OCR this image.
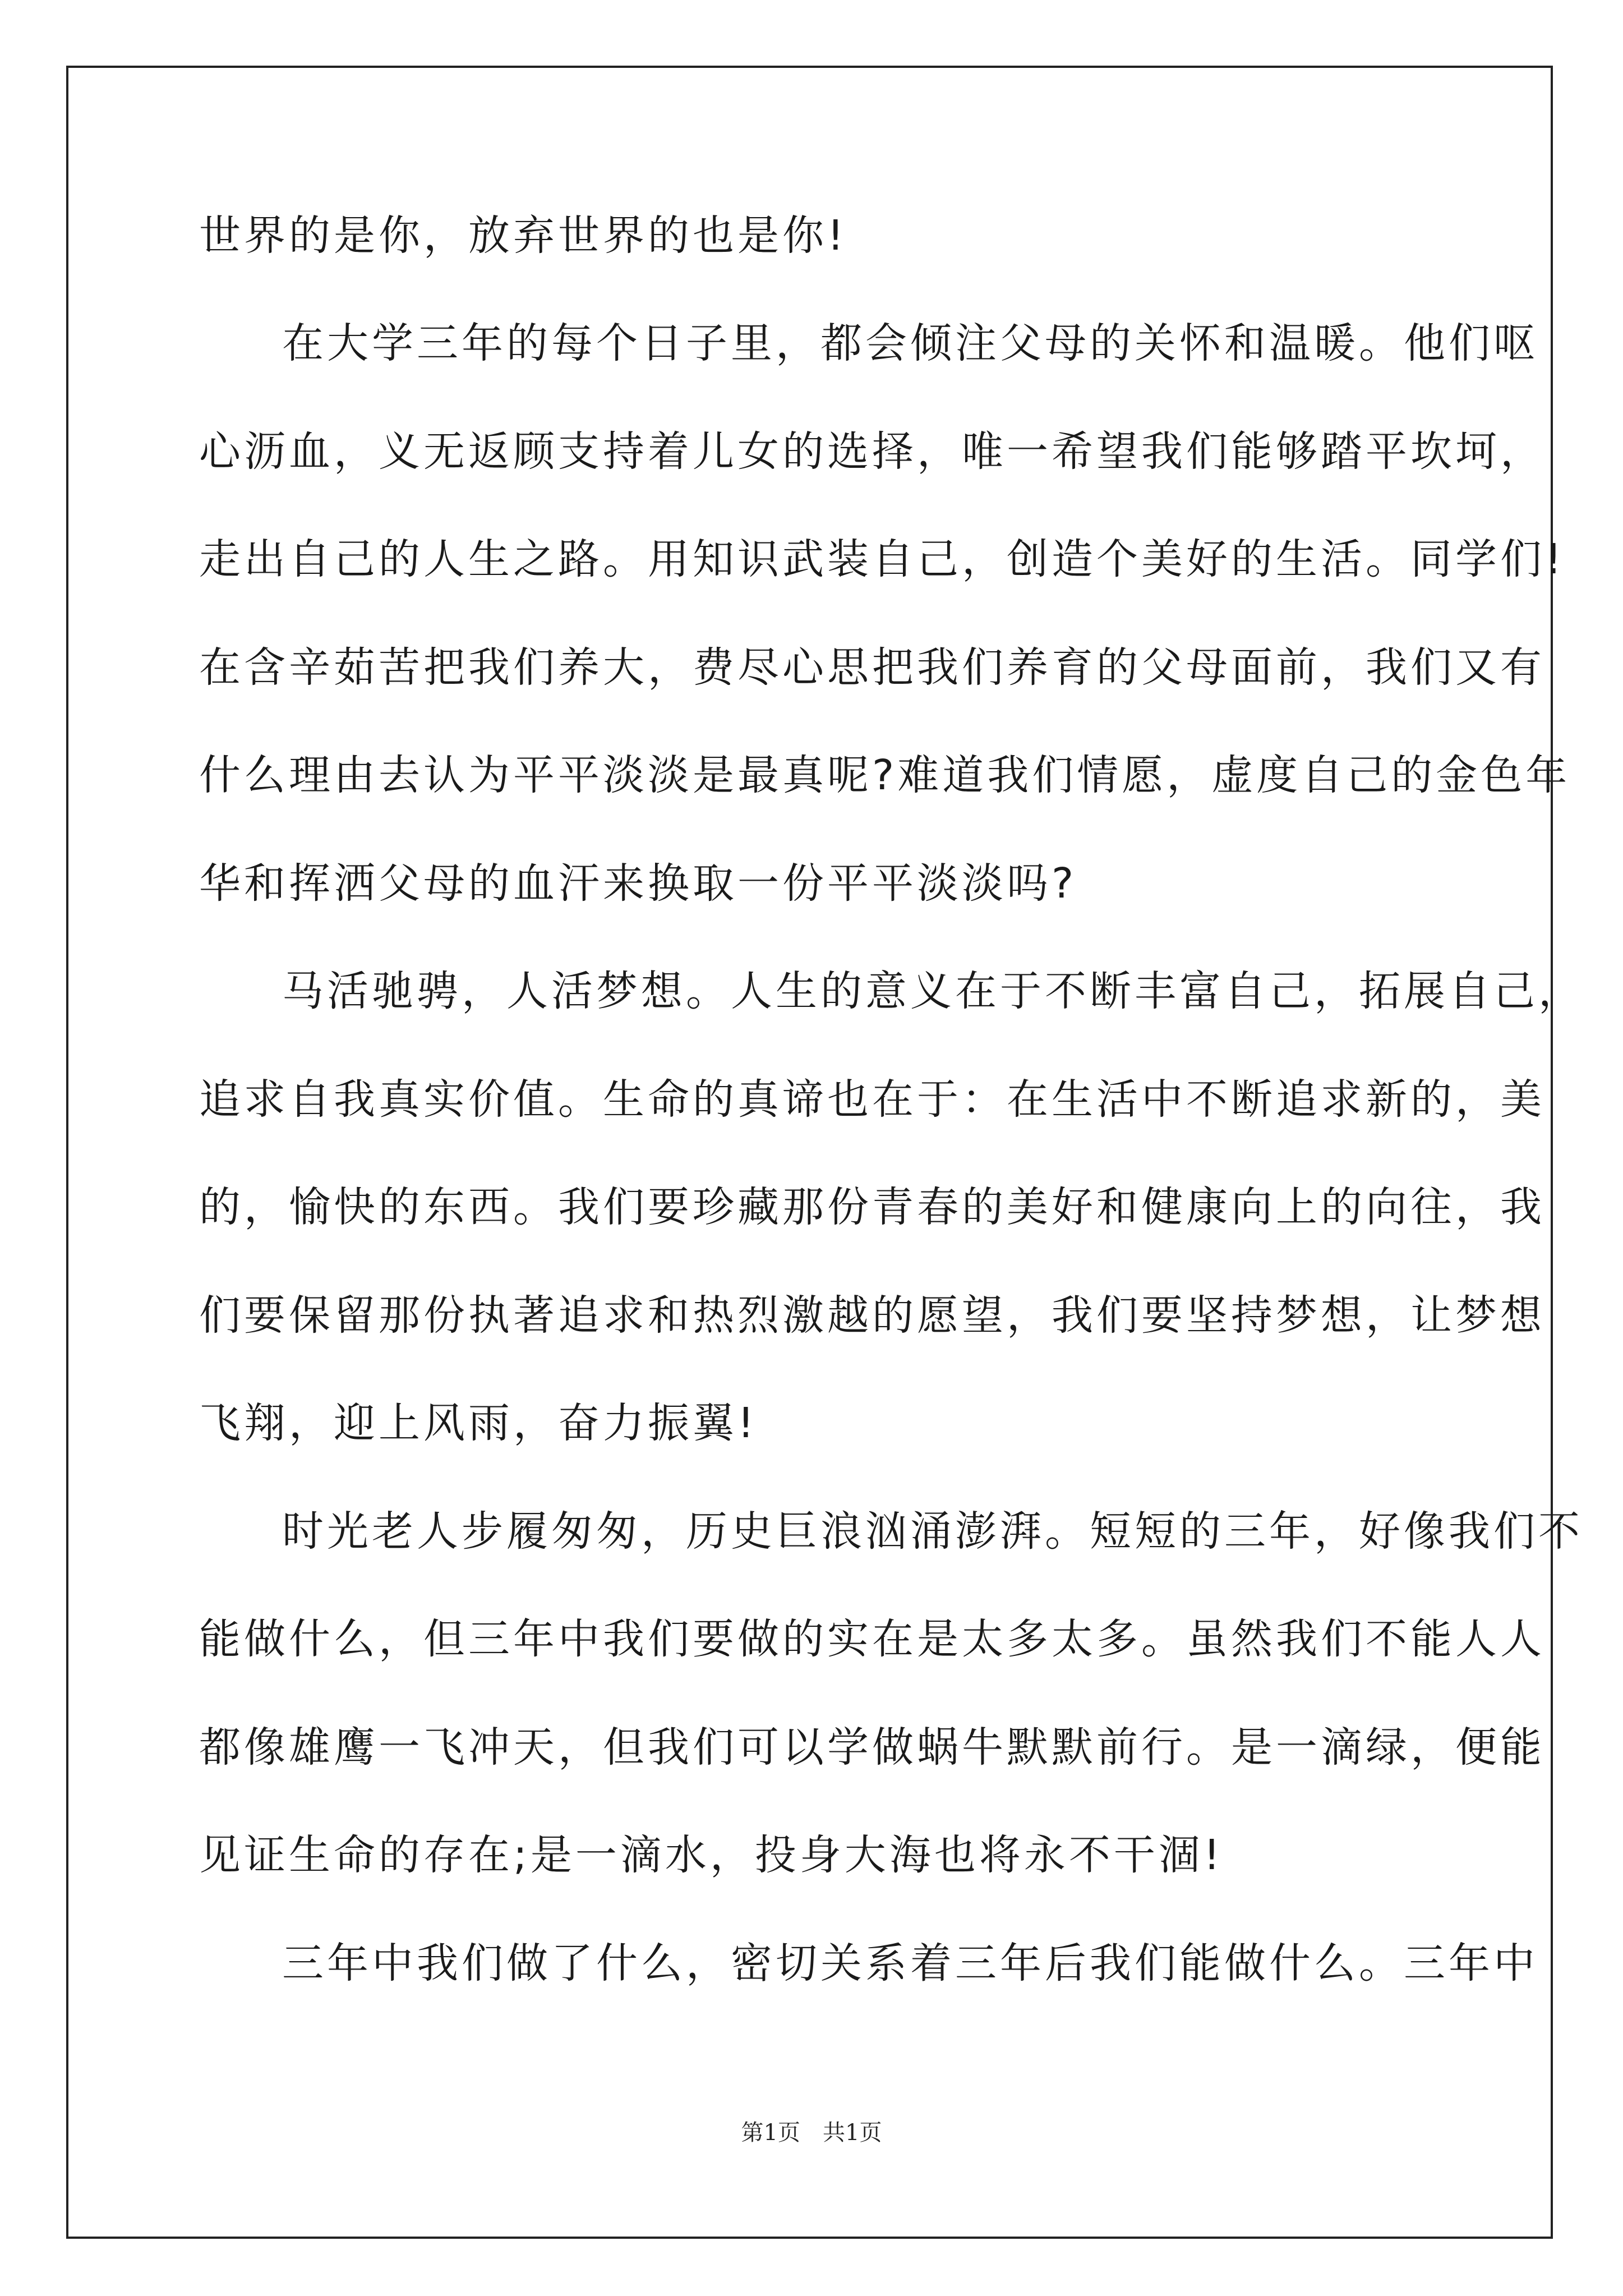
世界的是你，放弃世界的也是你!
在大学三年的每个日子里，都会倾注父母的关怀和温暖。他们呕
心沥血，义无返顾支持着儿女的选择，唯一希望我们能够踏平坎坷，
走出自己的人生之路。用知识武装自己，创造个美好的生活。同学们!
在含辛茹苦把我们养大，费尽心思把我们养育的父母面前，我们又有
什么理由去认为平平淡淡是最真呢?难道我们情愿，虚度自己的金色年
华和挥洒父母的血汗来换取一份平平淡淡吗?
马活驰骋，人活梦想。人生的意义在于不断丰富自己，拓展自己，
追求自我真实价值。生命的真谛也在于：在生活中不断追求新的，美
的，愉快的东西。我们要珍藏那份青春的美好和健康向上的向往，我
们要保留那份执著追求和热烈激越的愿望，我们要坚持梦想，让梦想
飞翔，迎上风雨，奋力振翼!
时光老人步履匆匆，历史巨浪汹涌澎湃。短短的三年，好像我们不
能做什么，但三年中我们要做的实在是太多太多。虽然我们不能人人
都像雄鹰一飞冲天，但我们可以学做蜗牛默默前行。是一滴绿，便能
见证生命的存在;是一滴水，投身大海也将永不干涸!
三年中我们做了什么，密切关系着三年后我们能做什么。三年中
第1页　共1页
